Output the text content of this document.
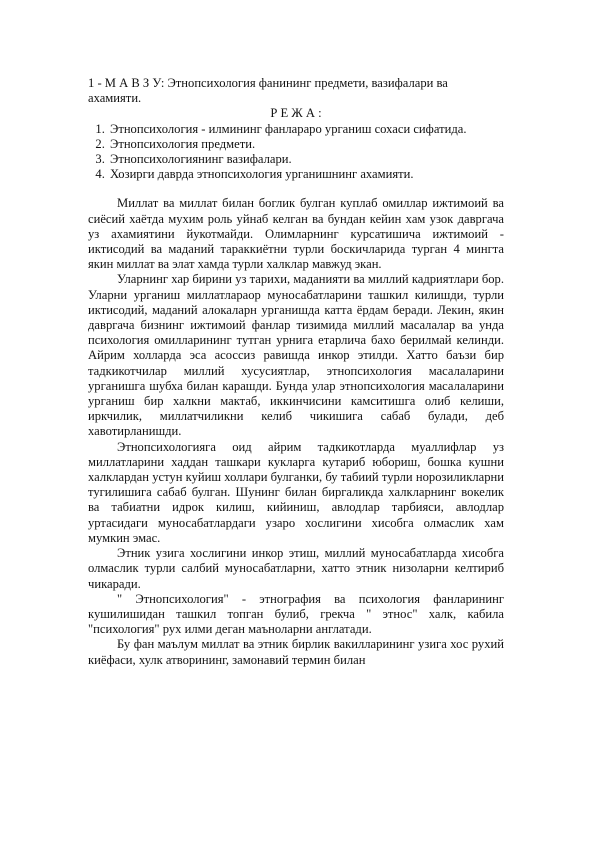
1 - М А В З У: Этнопсихология фанининг предмети, вазифалари ва ахамияти.
Р Е Ж А :
1. Этнопсихология - илмининг фанлараро урганиш сохаси сифатида.
2. Этнопсихология предмети.
3. Этнопсихологиянинг вазифалари.
4. Хозирги даврда этнопсихология урганишнинг ахамияти.

Миллат ва миллат билан боглик булган куплаб омиллар ижтимоий ва сиёсий хаётда мухим роль уйнаб келган ва бундан кейин хам узок давргача уз ахамиятини йукотмайди. Олимларнинг курсатишича ижтимоий - иктисодий ва маданий тараккиётни турли боскичларида турган 4 мингта якин миллат ва элат хамда турли халклар мавжуд экан.

Уларнинг хар бирини уз тарихи, маданияти ва миллий кадриятлари бор. Уларни урганиш миллатлараор муносабатларини ташкил килишди, турли иктисодий, маданий алокаларн урганишда катта ёрдам беради. Лекин, якин давргача бизнинг ижтимоий фанлар тизимида миллий масалалар ва унда психология омилларининг тутган урнига етарлича бахо берилмай келинди. Айрим холларда эса асоссиз равишда инкор этилди. Хатто баъзи бир тадкикотчилар миллий хусусиятлар, этнопсихология масалаларини урганишга шубха билан карашди. Бунда улар этнопсихология масалаларини урганиш бир халкни мактаб, иккинчисини камситишга олиб келиши, иркчилик, миллатчиликни келиб чикишига сабаб булади, деб хавотирланишди.

Этнопсихологияга оид айрим тадкикотларда муаллифлар уз миллатларини хаддан ташкари кукларга кутариб юбориш, бошка кушни халклардан устун куйиш холлари булганки, бу табиий турли норозиликларни тугилишига сабаб булган. Шунинг билан биргаликда халкларнинг вокелик ва табиатни идрок килиш, кийиниш, авлодлар тарбияси, авлодлар уртасидаги муносабатлардаги узаро хослигини хисобга олмаслик хам мумкин эмас.

Этник узига хослигини инкор этиш, миллий муносабатларда хисобга олмаслик турли салбий муносабатларни, хатто этник низоларни келтириб чикаради.

" Этнопсихология" - этнография ва психология фанларининг кушилишидан ташкил топган булиб, грекча " этнос" халк, кабила "психология" рух илми деган маъноларни англатади.

Бу фан маълум миллат ва этник бирлик вакилларининг узига хос рухий киёфаси, хулк атворининг, замонавий термин билан
